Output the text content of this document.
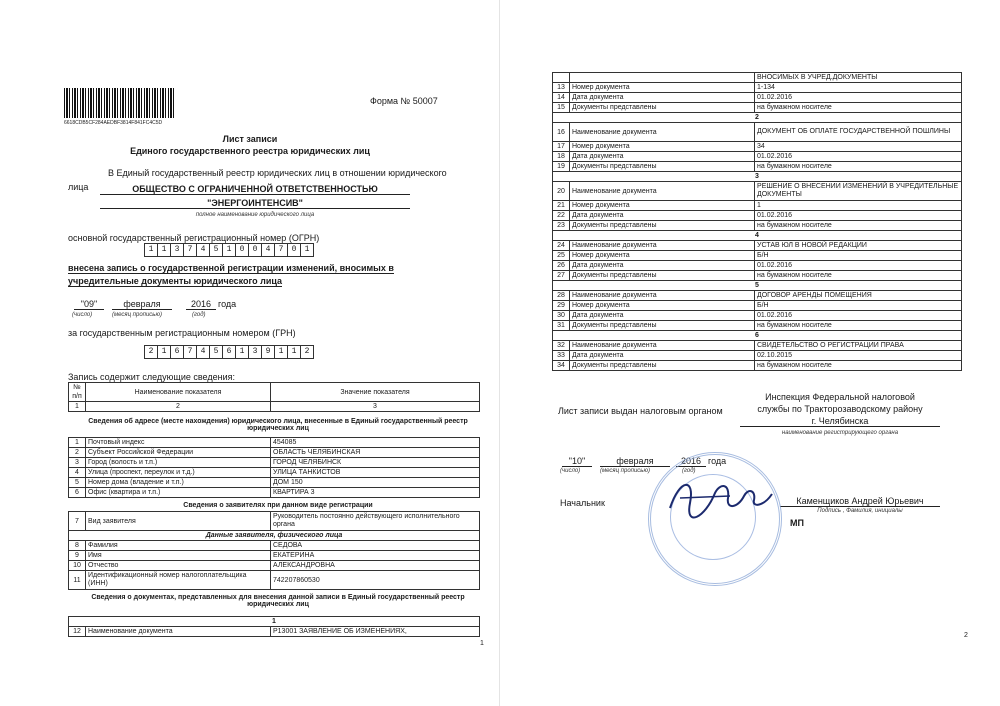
6618CDB5CF284AEDBF3814F841FC4C5D
Форма № 50007
Лист записи
Единого государственного реестра юридических лиц
В Единый государственный реестр юридических лиц в отношении юридического
лица	ОБЩЕСТВО С ОГРАНИЧЕННОЙ ОТВЕТСТВЕННОСТЬЮ
"ЭНЕРГОИНТЕНСИВ"
полное наименование юридического лица
основной государственный регистрационный номер (ОГРН)
1	1	3	7	4	5	1	0	0	4	7	0	1
внесена запись о государственной регистрации изменений, вносимых в
учредительные документы юридического лица
"09"	февраля	2016 года
(число)	(месяц прописью)	(год)
за государственным регистрационным номером (ГРН)
2	1	6	7	4	5	6	1	3	9	1	1	2
Запись содержит следующие сведения:
№ п/п	Наименование показателя	Значение показателя
1	2	3
Сведения об адресе (месте нахождения) юридического лица, внесенные в Единый государственный реестр юридических лиц
1	Почтовый индекс	454085
2	Субъект Российской Федерации	ОБЛАСТЬ ЧЕЛЯБИНСКАЯ
3	Город (волость и т.п.)	ГОРОД ЧЕЛЯБИНСК
4	Улица (проспект, переулок и т.д.)	УЛИЦА ТАНКИСТОВ
5	Номер дома (владение и т.п.)	ДОМ 150
6	Офис (квартира и т.п.)	КВАРТИРА 3
Сведения о заявителях при данном виде регистрации
7	Вид заявителя	Руководитель постоянно действующего исполнительного органа
Данные заявителя, физического лица		
8	Фамилия	СЕДОВА
9	Имя	ЕКАТЕРИНА
10	Отчество	АЛЕКСАНДРОВНА
11	Идентификационный номер налогоплательщика (ИНН)	742207860530
Сведения о документах, представленных для внесения данной записи в Единый государственный реестр юридических лиц
1
12	Наименование документа	Р13001 ЗАЯВЛЕНИЕ ОБ ИЗМЕНЕНИЯХ,
1
		ВНОСИМЫХ В УЧРЕД.ДОКУМЕНТЫ
13	Номер документа	1-134
14	Дата документа	01.02.2016
15	Документы представлены	на бумажном носителе
2		
16	Наименование документа	ДОКУМЕНТ ОБ ОПЛАТЕ ГОСУДАРСТВЕННОЙ ПОШЛИНЫ
17	Номер документа	34
18	Дата документа	01.02.2016
19	Документы представлены	на бумажном носителе
3		
20	Наименование документа	РЕШЕНИЕ О ВНЕСЕНИИ ИЗМЕНЕНИЙ В УЧРЕДИТЕЛЬНЫЕ ДОКУМЕНТЫ
21	Номер документа	1
22	Дата документа	01.02.2016
23	Документы представлены	на бумажном носителе
4		
24	Наименование документа	УСТАВ ЮЛ В НОВОЙ РЕДАКЦИИ
25	Номер документа	Б/Н
26	Дата документа	01.02.2016
27	Документы представлены	на бумажном носителе
5		
28	Наименование документа	ДОГОВОР АРЕНДЫ ПОМЕЩЕНИЯ
29	Номер документа	Б/Н
30	Дата документа	01.02.2016
31	Документы представлены	на бумажном носителе
6		
32	Наименование документа	СВИДЕТЕЛЬСТВО О РЕГИСТРАЦИИ ПРАВА
33	Дата документа	02.10.2015
34	Документы представлены	на бумажном носителе
Лист записи выдан налоговым органом
Инспекция Федеральной налоговой
службы по Тракторозаводскому району
г. Челябинска
наименование регистрирующего органа
"10"	февраля	2016 года
(число)	(месяц прописью)	(год)
Начальник	Каменщиков Андрей Юрьевич
Подпись , Фамилия, инициалы
МП
2
